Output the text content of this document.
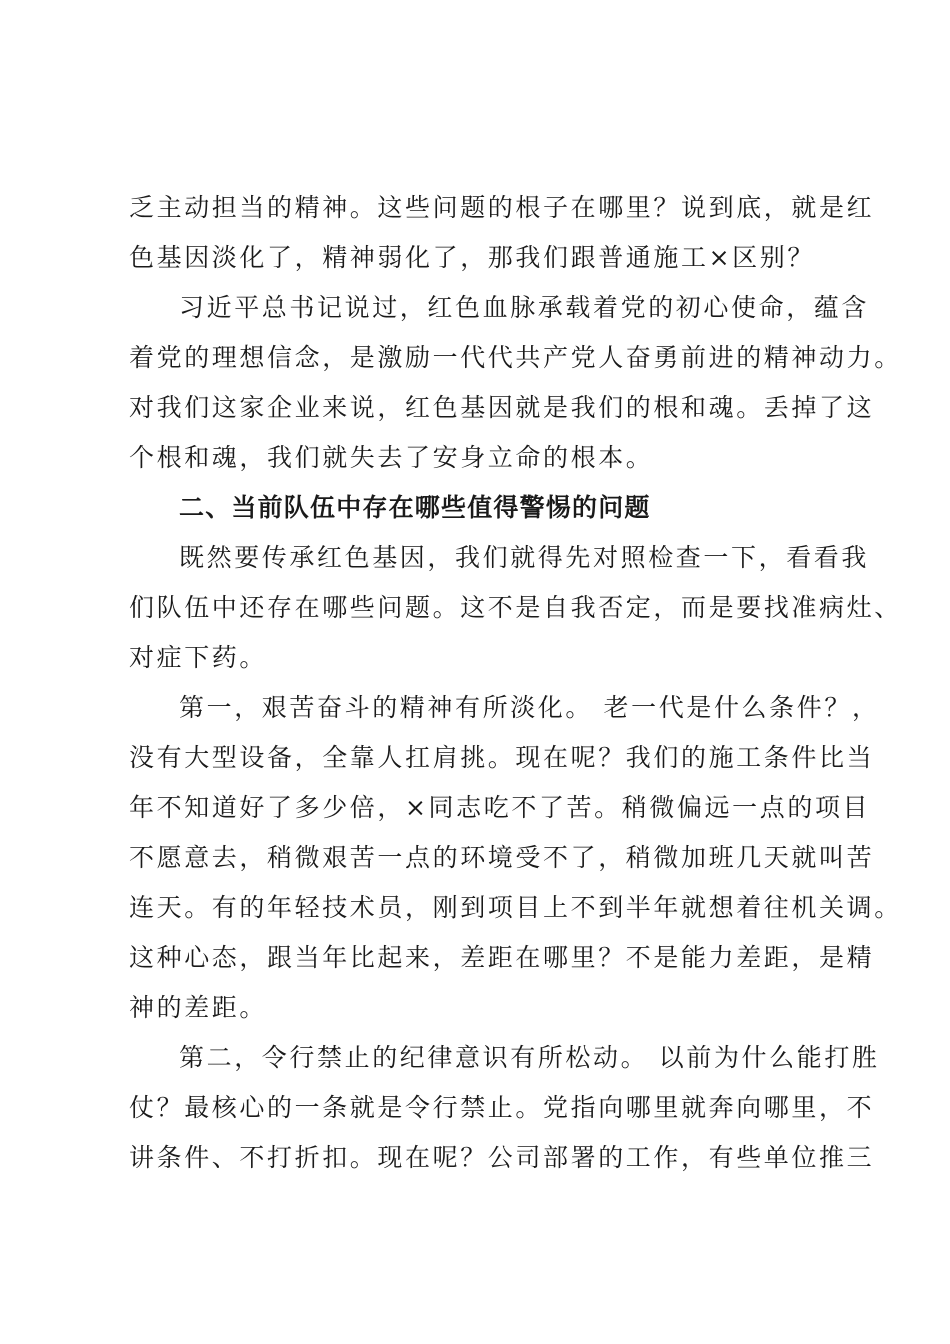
乏主动担当的精神。这些问题的根子在哪里？说到底，就是红
色基因淡化了，精神弱化了，那我们跟普通施工×区别？
习近平总书记说过，红色血脉承载着党的初心使命，蕴含
着党的理想信念，是激励一代代共产党人奋勇前进的精神动力。
对我们这家企业来说，红色基因就是我们的根和魂。丢掉了这
个根和魂，我们就失去了安身立命的根本。
二、当前队伍中存在哪些值得警惕的问题
既然要传承红色基因，我们就得先对照检查一下，看看我
们队伍中还存在哪些问题。这不是自我否定，而是要找准病灶、
对症下药。
第一，艰苦奋斗的精神有所淡化。 老一代是什么条件？，
没有大型设备，全靠人扛肩挑。现在呢？我们的施工条件比当
年不知道好了多少倍，×同志吃不了苦。稍微偏远一点的项目
不愿意去，稍微艰苦一点的环境受不了，稍微加班几天就叫苦
连天。有的年轻技术员，刚到项目上不到半年就想着往机关调。
这种心态，跟当年比起来，差距在哪里？不是能力差距，是精
神的差距。
第二，令行禁止的纪律意识有所松动。 以前为什么能打胜
仗？最核心的一条就是令行禁止。党指向哪里就奔向哪里，不
讲条件、不打折扣。现在呢？公司部署的工作，有些单位推三
